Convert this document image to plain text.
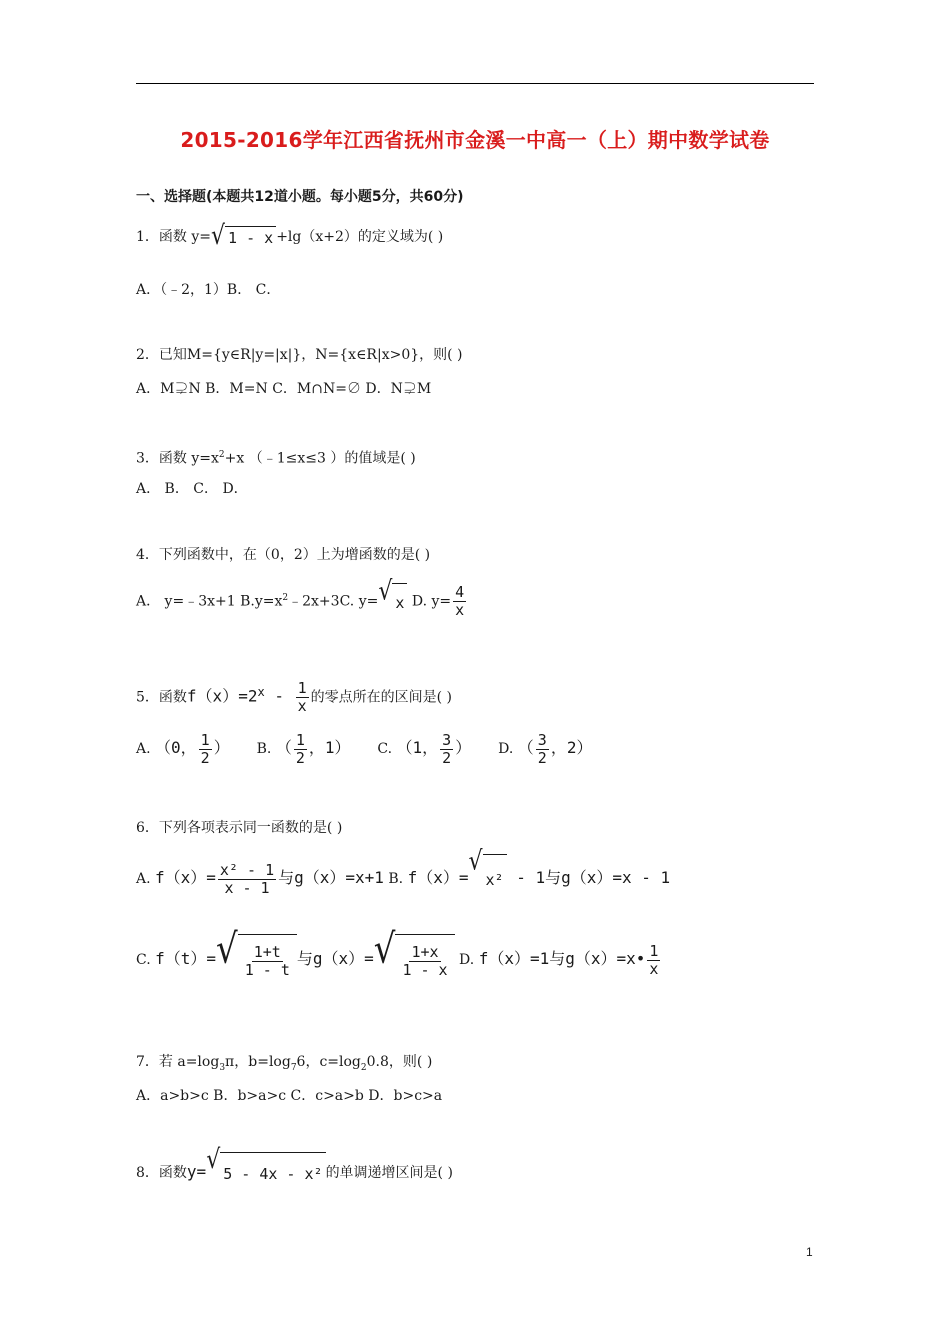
2015-2016学年江西省抚州市金溪一中高一（上）期中数学试卷
一、选择题(本题共12道小题。每小题5分，共60分)
1．函数 y= √ 1 - x +lg（x+2）的定义域为( )
A．（﹣2，1）B． C．
2．已知M={y∈R|y=|x|}，N={x∈R|x>0}，则( )
A．M⊋N B．M=N C．M∩N=∅ D．N⊋M
3．函数 $y=x^2+x$ （﹣1≤x≤3 ）的值域是( )
A． B． C． D．
4．下列函数中，在（0，2）上为增函数的是( )
A． y=﹣3x+1 $B.y=x^2﹣2x+3C$. y= √ x D. $y= \frac{4}{x}$
5．函数$f(x)=2^x - \frac{1}{x}$ 的零点所在的区间是( )
A. （0， $\frac{1}{2}$ ） B. （ $\frac{1}{2}$ ，1） C. （1， $\frac{3}{2}$ ） D. （ $\frac{3}{2}$ ，2）
6．下列各项表示同一函数的是( )
A. $f(x)= \frac{\text{x² - 1}}{x - 1}$ 与g（x）=x+1 B. f（x）=
√
x² - 1与g（x）=x - 1
C. f（t）= √ $\frac{1+t}{1 - t}$ 与g（x）= √ $\frac{1+x}{1 - x} D$. f（x）=1与g（x）=x• $\frac{1}{x}$
7．若 $a=\log_3\pi$，$b=\log_76$，$c=\log_20.8$，则( )
A．a>b>c B．b>a>c C．c>a>b D．b>c>a
8．函数y= √ 5 - 4x - x² 的单调递增区间是( )
1
